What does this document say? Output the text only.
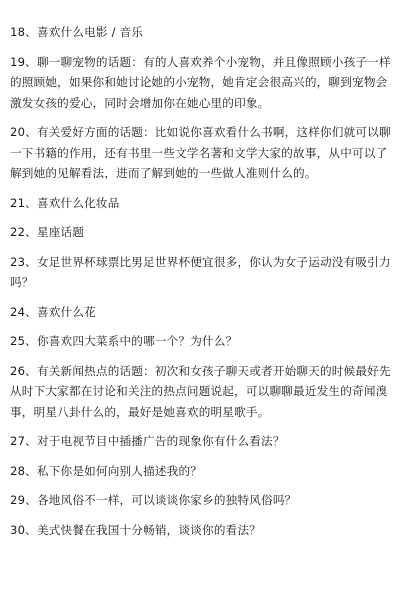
18、喜欢什么电影 / 音乐

19、聊一聊宠物的话题：有的人喜欢养个小宠物，并且像照顾小孩子一样的照顾她，如果你和她讨论她的小宠物，她肯定会很高兴的，聊到宠物会激发女孩的爱心，同时会增加你在她心里的印象。

20、有关爱好方面的话题：比如说你喜欢看什么书啊，这样你们就可以聊一下书籍的作用，还有书里一些文学名著和文学大家的故事，从中可以了解到她的见解看法，进而了解到她的一些做人准则什么的。

21、喜欢什么化妆品

22、星座话题

23、女足世界杯球票比男足世界杯便宜很多，你认为女子运动没有吸引力吗？

24、喜欢什么花

25、你喜欢四大菜系中的哪一个？为什么？

26、有关新闻热点的话题：初次和女孩子聊天或者开始聊天的时候最好先从时下大家都在讨论和关注的热点问题说起，可以聊聊最近发生的奇闻溴事，明星八卦什么的，最好是她喜欢的明星歌手。

27、对于电视节目中插播广告的现象你有什么看法？

28、私下你是如何向别人描述我的？

29、各地风俗不一样，可以谈谈你家乡的独特风俗吗？

30、美式快餐在我国十分畅销，谈谈你的看法？
